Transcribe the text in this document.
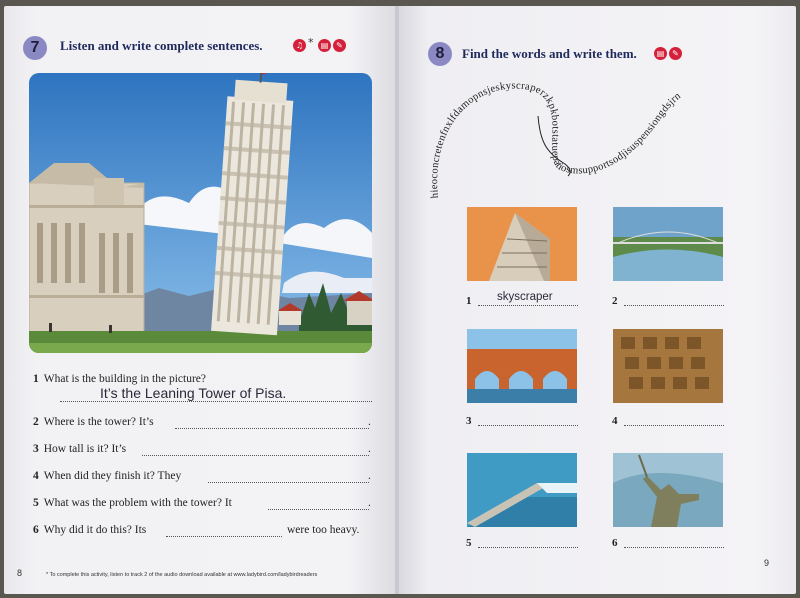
7	Listen and write complete sentences.	♫ * ▤ ✎
1 What is the building in the picture?
It’s the Leaning Tower of Pisa.
2 Where is the tower? It’s	.
3 How tall is it? It’s	.
4 When did they finish it? They	.
5 What was the problem with the tower? It	.
6 Why did it do this? Its	were too heavy.
8	* To complete this activity, listen to track 2 of the audio download available at www.ladybird.com/ladybirdreaders
8	Find the words and write them.	▤ ✎
hieoconcretenfnxlfdamopnsjeskyscraperzkpkbotstatuepatiosmsupportsodjisuspensiongdsjrn
1 skyscraper	2
3	4
5	6
9
